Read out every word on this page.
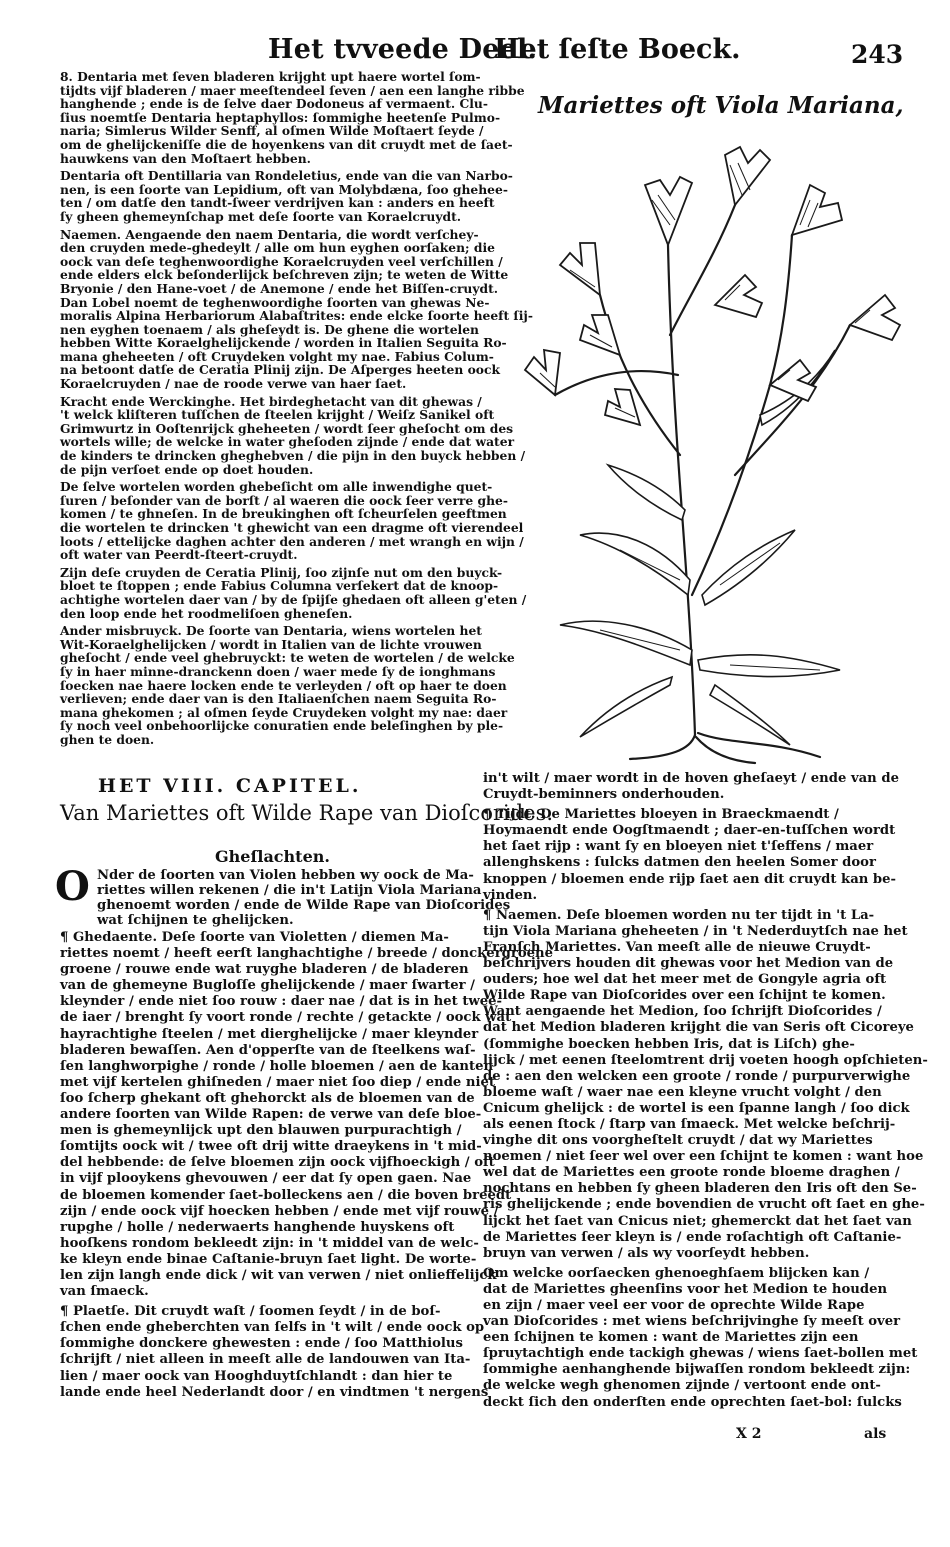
Het tvveede Deel.
Het ſeſte Boeck.	243
8. Dentaria met ſeven bladeren krijght upt haere wortel ſom-
tijdts vijf bladeren / maer meeſtendeel ſeven / aen een langhe ribbe
hanghende ; ende is de ſelve daer Dodoneus af vermaent. Clu-
ſius noemtſe Dentaria heptaphyllos: ſommighe heetenſe Pulmo-
naria; Simlerus Wilder Senff, al oſmen Wilde Moſtaert ſeyde /
om de ghelijckeniſſe die de hoyenkens van dit cruydt met de ſaet-
hauwkens van den Moſtaert hebben.
Dentaria oft Dentillaria van Rondeletius, ende van die van Narbo-
nen, is een ſoorte van Lepidium, oft van Molybdæna, ſoo ghehee-
ten / om datſe den tandt-ſweer verdrijven kan : anders en heeft
ſy gheen ghemeynſchap met deſe ſoorte van Koraelcruydt.
Naemen. Aengaende den naem Dentaria, die wordt verſchey-
den cruyden mede-ghedeylt / alle om hun eyghen oorſaken; die
oock van deſe teghenwoordighe Koraelcruyden veel verſchillen /
ende elders elck beſonderlijck beſchreven zijn; te weten de Witte
Bryonie / den Hane-voet / de Anemone / ende het Biſſen-cruydt.
Dan Lobel noemt de teghenwoordighe ſoorten van ghewas Ne-
moralis Alpina Herbariorum Alabaſtrites: ende elcke ſoorte heeft ſij-
nen eyghen toenaem / als gheſeydt is. De ghene die wortelen
hebben Witte Koraelghelijckende / worden in Italien Seguita Ro-
mana gheheeten / oft Cruydeken volght my nae. Fabius Colum-
na betoont datſe de Ceratia Plinij zijn. De Aſperges heeten oock
Koraelcruyden / nae de roode verwe van haer ſaet.
Kracht ende Werckinghe. Het birdeghetacht van dit ghewas /
't welck kliſteren tuſſchen de ſteelen krijght / Weiſz Sanikel oft
Grimwurtz in Ooſtenrijck gheheeten / wordt ſeer gheſocht om des
wortels wille; de welcke in water gheſoden zijnde / ende dat water
de kinders te drincken gheghebven / die pijn in den buyck hebben /
de pijn verſoet ende op doet houden.
De ſelve wortelen worden ghebeſicht om alle inwendighe quet-
ſuren / beſonder van de borſt / al waeren die oock ſeer verre ghe-
komen / te ghneſen. In de breukinghen oft ſcheurſelen geeftmen
die wortelen te drincken 't ghewicht van een dragme oft vierendeel
loots / ettelijcke daghen achter den anderen / met wrangh en wijn /
oft water van Peerdt-ſteert-cruydt.
Zijn deſe cruyden de Ceratia Plinij, ſoo zijnſe nut om den buyck-
bloet te ſtoppen ; ende Fabius Columna verſekert dat de knoop-
achtighe wortelen daer van / by de ſpijſe ghedaen oft alleen g'eten /
den loop ende het roodmeliſoen gheneſen.
Ander misbruyck. De ſoorte van Dentaria, wiens wortelen het
Wit-Koraelghelijcken / wordt in Italien van de lichte vrouwen
gheſocht / ende veel ghebruyckt: te weten de wortelen / de welcke
ſy in haer minne-dranckenn doen / waer mede ſy de ionghmans
ſoecken nae haere locken ende te verleyden / oft op haer te doen
verlieven; ende daer van is den Italiaenſchen naem Seguita Ro-
mana ghekomen ; al oſmen ſeyde Cruydeken volght my nae: daer
ſy noch veel onbehoorlijcke conuratien ende beleſinghen by ple-
ghen te doen.
Mariettes oft Viola Mariana,
HET VIII. CAPITEL.
Van Mariettes oft Wilde Rape van Dioſcorides.
Gheſlachten.
O Nder de ſoorten van Violen hebben wy oock de Ma-
riettes willen rekenen / die in't Latijn Viola Mariana
ghenoemt worden / ende de Wilde Rape van Dioſcorides
wat ſchijnen te ghelijcken.
¶ Ghedaente. Deſe ſoorte van Violetten / diemen Ma-
riettes noemt / heeft eerſt langhachtighe / breede / donckergroene
groene / rouwe ende wat ruyghe bladeren / de bladeren
van de ghemeyne Bugloſſe ghelijckende / maer ſwarter /
kleynder / ende niet ſoo rouw : daer nae / dat is in het twee-
de iaer / brenght ſy voort ronde / rechte / getackte / oock wat
hayrachtighe ſteelen / met dierghelijcke / maer kleynder
bladeren bewaſſen. Aen d'opperſte van de ſteelkens waſ-
ſen langhworpighe / ronde / holle bloemen / aen de kanten
met vijf kertelen ghiſneden / maer niet ſoo diep / ende niet
ſoo ſcherp ghekant oft ghehorckt als de bloemen van de
andere ſoorten van Wilde Rapen: de verwe van deſe bloe-
men is ghemeynlijck upt den blauwen purpurachtigh /
ſomtijts oock wit / twee oft drij witte draeykens in 't mid-
del hebbende: de ſelve bloemen zijn oock vijfhoeckigh / oft
in vijf plooykens ghevouwen / eer dat ſy open gaen. Nae
de bloemen komender ſaet-bolleckens aen / die boven breedt
zijn / ende oock vijf hoecken hebben / ende met vijf rouwe /
rupghe / holle / nederwaerts hanghende huyskens oft
hooſkens rondom bekleedt zijn: in 't middel van de welc-
ke kleyn ende binae Caſtanie-bruyn ſaet light. De worte-
len zijn langh ende dick / wit van verwen / niet onlieffelijck
van ſmaeck.
¶ Plaetſe. Dit cruydt waſt / ſoomen ſeydt / in de boſ-
ſchen ende gheberchten van ſelfs in 't wilt / ende oock op
ſommighe donckere ghewesten : ende / ſoo Matthiolus
ſchrijft / niet alleen in meeſt alle de landouwen van Ita-
lien / maer oock van Hooghduytſchlandt : dan hier te
lande ende heel Nederlandt door / en vindtmen 't nergens
in't wilt / maer wordt in de hoven gheſaeyt / ende van de
Cruydt-beminners onderhouden.
¶ Tijdt. De Mariettes bloeyen in Braeckmaendt /
Hoymaendt ende Oogſtmaendt ; daer-en-tuſſchen wordt
het ſaet rijp : want ſy en bloeyen niet t'ſeffens / maer
allenghskens : ſulcks datmen den heelen Somer door
knoppen / bloemen ende rijp ſaet aen dit cruydt kan be-
vinden.
¶ Naemen. Deſe bloemen worden nu ter tijdt in 't La-
tijn Viola Mariana gheheeten / in 't Nederduytſch nae het
Franſch Mariettes. Van meeſt alle de nieuwe Cruydt-
beſchrijvers houden dit ghewas voor het Medion van de
ouders; hoe wel dat het meer met de Gongyle agria oft
Wilde Rape van Dioſcorides over een ſchijnt te komen.
Want aengaende het Medion, ſoo ſchrijft Dioſcorides /
dat het Medion bladeren krijght die van Seris oft Cicoreye
(ſommighe boecken hebben Iris, dat is Liſch) ghe-
lijck / met eenen ſteelomtrent drij voeten hoogh opſchieten-
de : aen den welcken een groote / ronde / purpurverwighe
bloeme waſt / waer nae een kleyne vrucht volght / den
Cnicum ghelijck : de wortel is een ſpanne langh / ſoo dick
als eenen ſtock / ſtarp van ſmaeck. Met welcke beſchrij-
vinghe dit ons voorgheſtelt cruydt / dat wy Mariettes
noemen / niet ſeer wel over een ſchijnt te komen : want hoe
wel dat de Mariettes een groote ronde bloeme draghen /
nochtans en hebben ſy gheen bladeren den Iris oft den Se-
ris ghelijckende ; ende bovendien de vrucht oft ſaet en ghe-
lijckt het ſaet van Cnicus niet; ghemerckt dat het ſaet van
de Mariettes ſeer kleyn is / ende roſachtigh oft Caſtanie-
bruyn van verwen / als wy voorſeydt hebben.
Om welcke oorſaecken ghenoeghſaem blijcken kan /
dat de Mariettes gheenſins voor het Medion te houden
en zijn / maer veel eer voor de oprechte Wilde Rape
van Dioſcorides : met wiens beſchrijvinghe ſy meeſt over
een ſchijnen te komen : want de Mariettes zijn een
ſpruytachtigh ende tackigh ghewas / wiens ſaet-bollen met
ſommighe aenhanghende bijwaſſen rondom bekleedt zijn:
de welcke wegh ghenomen zijnde / vertoont ende ont-
deckt ſich den onderſten ende oprechten ſaet-bol: ſulcks
X 2	als
